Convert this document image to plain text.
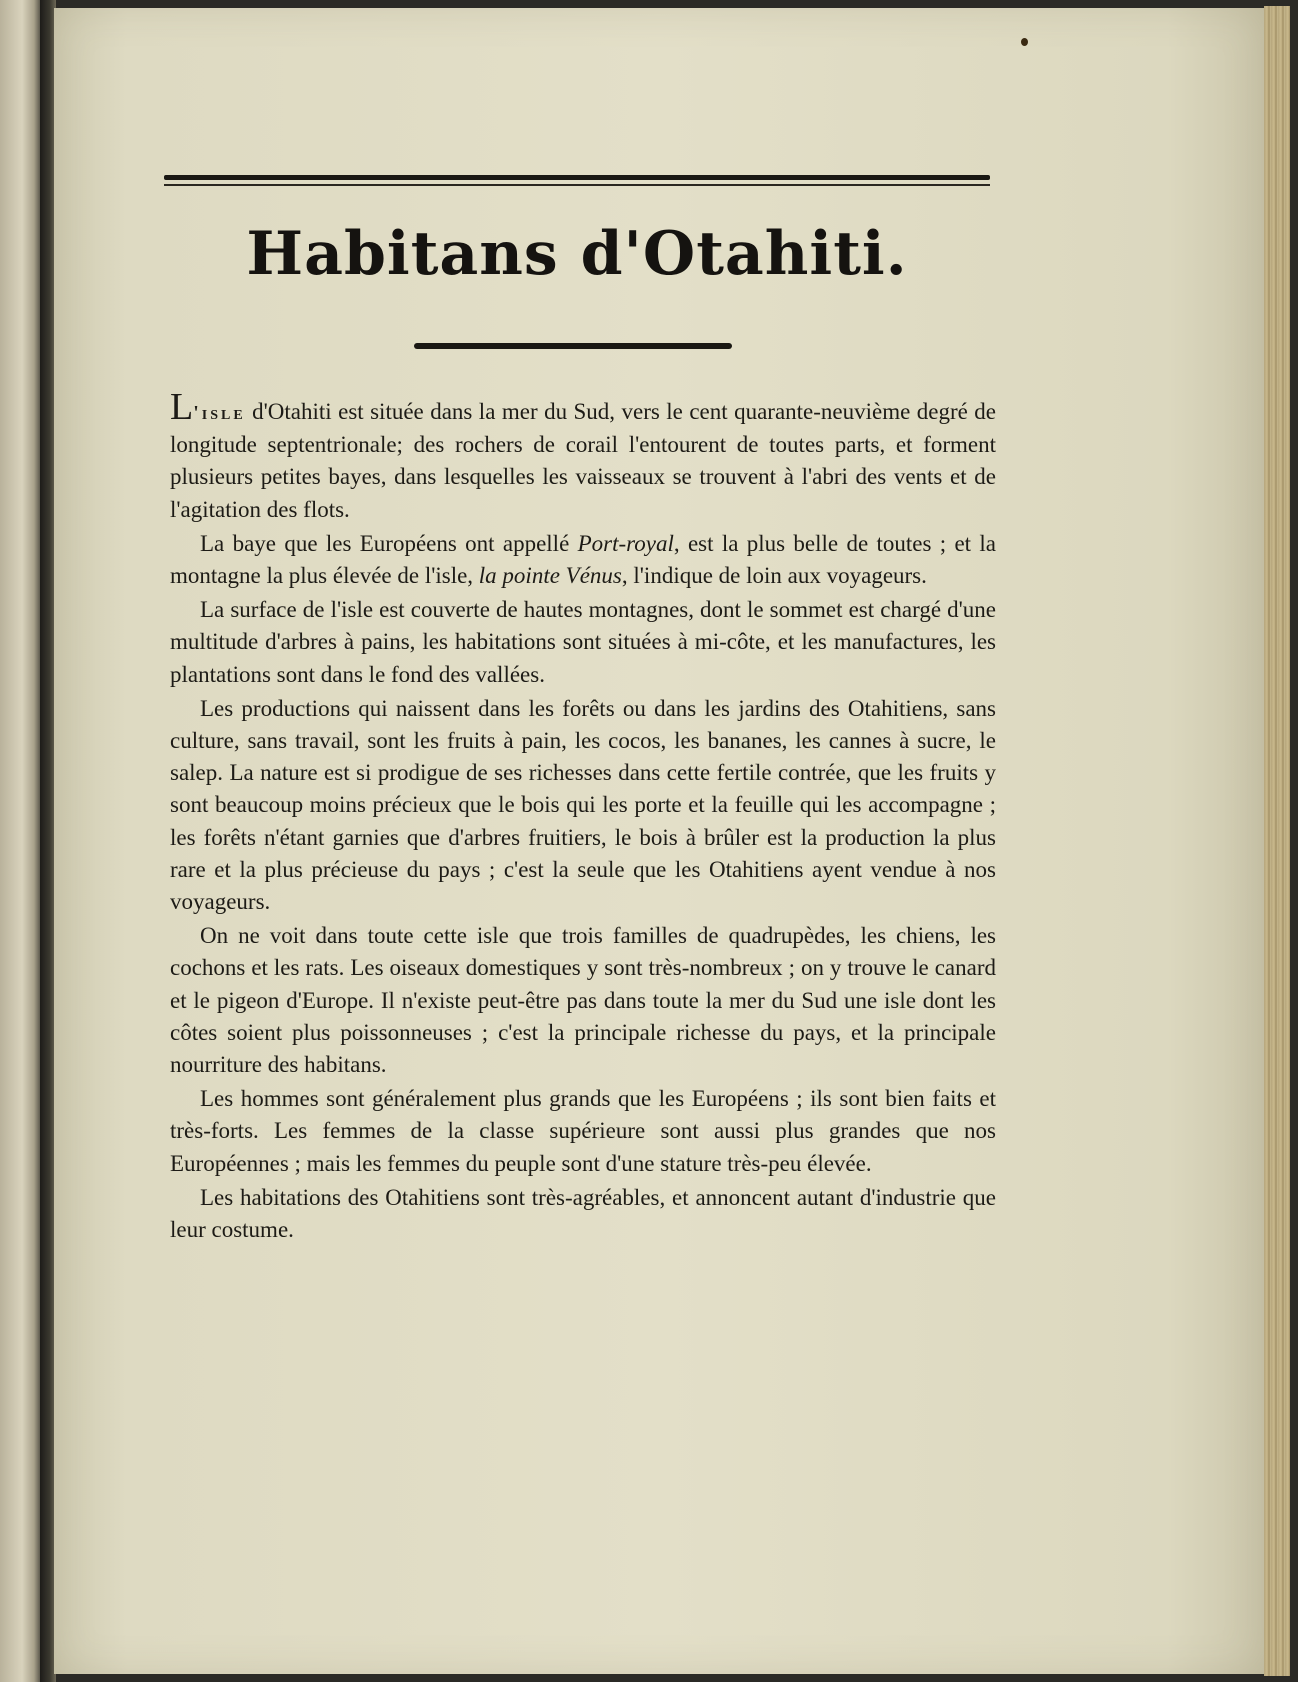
Habitans d'Otahiti.

L'isle d'Otahiti est située dans la mer du Sud, vers le cent quarante-neuvième degré de longitude septentrionale; des rochers de corail l'entourent de toutes parts, et forment plusieurs petites bayes, dans lesquelles les vaisseaux se trouvent à l'abri des vents et de l'agitation des flots.

La baye que les Européens ont appellé Port-royal, est la plus belle de toutes ; et la montagne la plus élevée de l'isle, la pointe Vénus, l'indique de loin aux voyageurs.

La surface de l'isle est couverte de hautes montagnes, dont le sommet est chargé d'une multitude d'arbres à pains, les habitations sont situées à mi-côte, et les manufactures, les plantations sont dans le fond des vallées.

Les productions qui naissent dans les forêts ou dans les jardins des Otahitiens, sans culture, sans travail, sont les fruits à pain, les cocos, les bananes, les cannes à sucre, le salep. La nature est si prodigue de ses richesses dans cette fertile contrée, que les fruits y sont beaucoup moins précieux que le bois qui les porte et la feuille qui les accompagne ; les forêts n'étant garnies que d'arbres fruitiers, le bois à brûler est la production la plus rare et la plus précieuse du pays ; c'est la seule que les Otahitiens ayent vendue à nos voyageurs.

On ne voit dans toute cette isle que trois familles de quadrupèdes, les chiens, les cochons et les rats. Les oiseaux domestiques y sont très-nombreux ; on y trouve le canard et le pigeon d'Europe. Il n'existe peut-être pas dans toute la mer du Sud une isle dont les côtes soient plus poissonneuses ; c'est la principale richesse du pays, et la principale nourriture des habitans.

Les hommes sont généralement plus grands que les Européens ; ils sont bien faits et très-forts. Les femmes de la classe supérieure sont aussi plus grandes que nos Européennes ; mais les femmes du peuple sont d'une stature très-peu élevée.

Les habitations des Otahitiens sont très-agréables, et annoncent autant d'industrie que leur costume.
